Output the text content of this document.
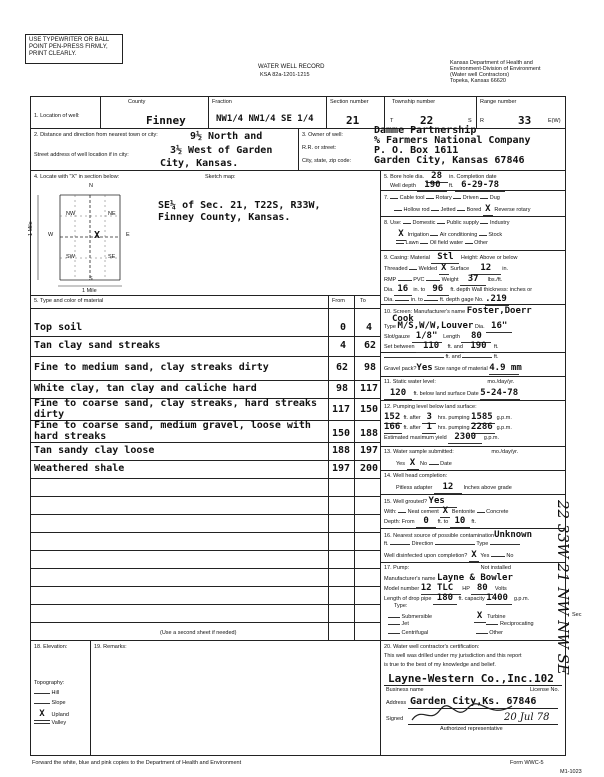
USE TYPEWRITER OR BALL
POINT PEN-PRESS FIRMLY,
PRINT CLEARLY.
WATER WELL RECORD
KSA 82a-1201-1215
Kansas Department of Health and
Environment-Division of Environment
(Water well Contractors)
Topeka, Kansas 66620
1. Location of well:
County
Finney
Fraction
NW1/4 NW1/4 SE 1/4
Section number
21
Township number
T 22	S
Range number
R	33	E(W)
2. Distance and direction from nearest town or city:
Street address of well location if in city:
9½ North and
3½ West of Garden
City, Kansas.
3. Owner of well:
R.R. or street:
City, state, zip code:
Damme Partnership
% Farmers National Company
P. O. Box 1611
Garden City, Kansas 67846
4. Locate with "X" in section below:	Sketch map:
N
S
W	E
NW	NE
SW	SE
X
1 Mile
1 Mile
SE¼ of Sec. 21, T22S, R33W,
Finney County, Kansas.
5. Type and color of material	From	To
Top soil	0 4
Tan clay sand streaks	4 62
Fine to medium sand, clay streaks dirty	62 98
White clay, tan clay and caliche hard	98 117
Fine to coarse sand, clay streaks, hard streaks dirty	117 150
Fine to coarse sand, medium gravel, loose with hard streaks	150 188
Tan sandy clay loose	188 197
Weathered shale	197 200
(Use a second sheet if needed)
18. Elevation:
Topography:
Hill
Slope
X Upland
Valley
19. Remarks:
5. Bore hole dia. 28 in. Completion date
Well depth 190 ft. 6-29-78
7. Cable tool Rotary Driven Dug
Hollow rod Jetted Bored X Reverse rotary
8. Use: Domestic Public supply Industry
X Irrigation Air conditioning Stock
Lawn Oil field water Other
9. Casing: Material Stl Height: Above or below
Threaded Welded X Surface 12 in.
RMP	PVC	Weight 37 lbs./ft.
Dia. 16 in. to 96 ft. depth Wall thickness: inches or
Dia.	in. to	ft. depth gage No. .219
10. Screen: Manufacturer's name Foster,Doerr
Cook
Type M/S,W/W,Louver Dia. 16"
Slot/gauze 1/8" Length 80
Set between 110 ft. and 190 ft.
ft. and	ft.
Gravel pack?Yes Size range of material 4.9 mm
11. Static water level:	mo./day/yr.
120 ft. below land surface Date 5-24-78
12. Pumping level below land surface:
152 ft. after 3 hrs. pumping 1585 g.p.m.
166 ft. after 1 hrs. pumping 2286 g.p.m.
Estimated maximum yield 2300 g.p.m.
13. Water sample submitted:	mo./day/yr.
Yes X No Date
14. Well head completion:
Pitless adapter 12 Inches above grade
15. Well grouted? Yes
With: Neat cement X Bentonite Concrete
Depth: From 0 ft. to 10 ft.
16. Nearest source of possible contaminationUnknown
ft.	Direction	Type
Well disinfected upon completion? X Yes	No
17. Pump:	Not installed
Manufacturer's name Layne & Bowler
Model number 12 TLC HP 80 Volts
Length of drop pipe 180 ft. capacity 1400 g.p.m.
Type:
Submersible	X Turbine
Jet	Reciprocating
Centrifugal	Other
20. Water well contractor's certification:
This well was drilled under my jurisdiction and this report
is true to the best of my knowledge and belief.
Layne-Western Co.,Inc. 102
Business name	License No.
Address Garden City,Ks. 67846
Signed	20 Jul 78
Authorized representative
Forward the white, blue and pink copies to the Department of Health and Environment	Form WWC-5
M1-1023
22 33W 21 NW NW SE Sec
